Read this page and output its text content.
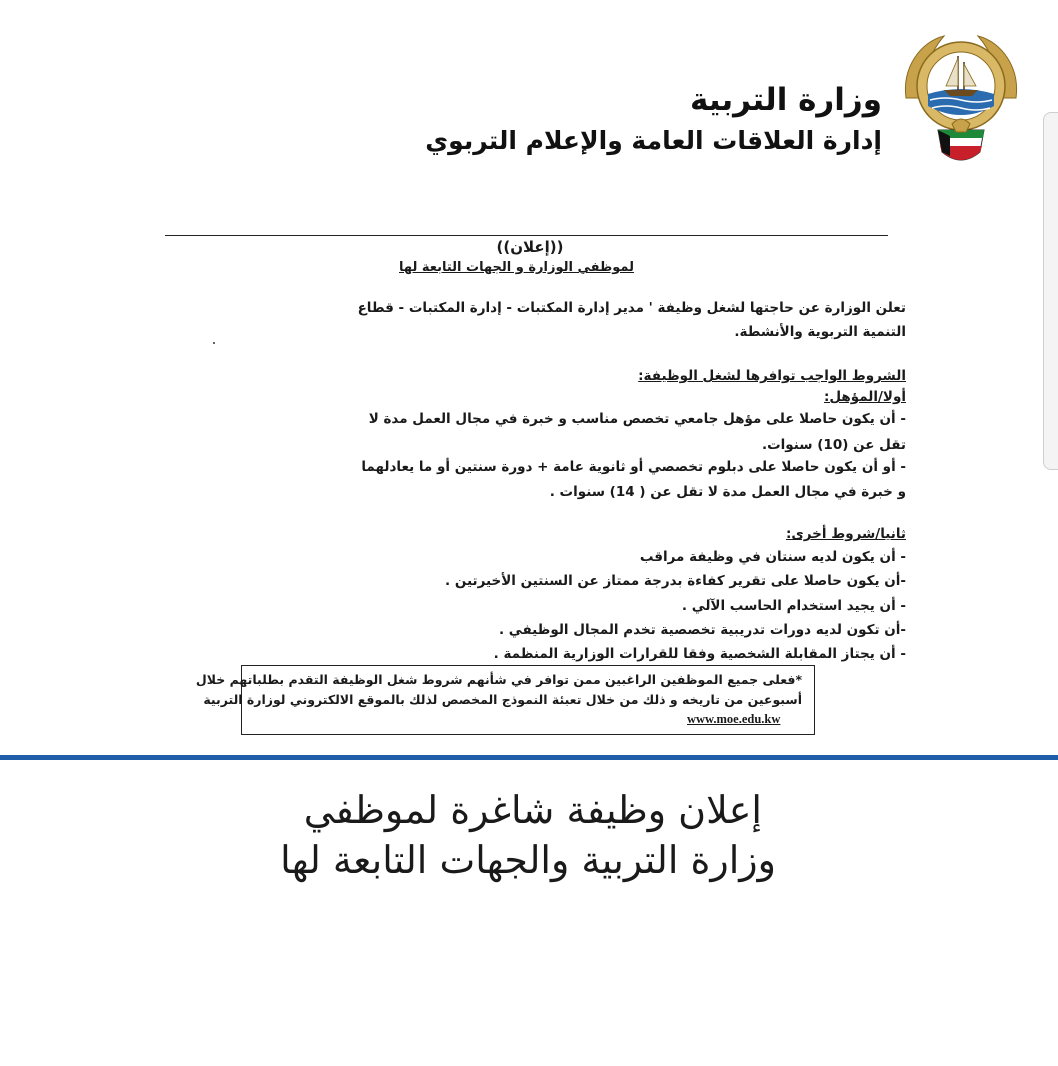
وزارة التربية
إدارة العلاقات العامة والإعلام التربوي
((إعلان))
لموظفي الوزارة و الجهات التابعة لها
تعلن الوزارة عن حاجتها لشغل وظيفة ' مدير إدارة المكتبات - إدارة المكتبات - قطاع
التنمية التربوية والأنشطة.
الشروط الواجب توافرها لشغل الوظيفة:
أولا/المؤهل:
- أن يكون حاصلا على مؤهل جامعي تخصص مناسب و خبرة في مجال العمل مدة لا
تقل عن (10) سنوات.
- أو أن يكون حاصلا على دبلوم تخصصي أو ثانوية عامة + دورة سنتين أو ما يعادلهما
و خبرة في مجال العمل مدة لا تقل عن ( 14) سنوات .
ثانيا/شروط أخرى:
- أن يكون لديه سنتان في وظيفة مراقب
-أن يكون حاصلا على تقرير كفاءة بدرجة ممتاز عن السنتين الأخيرتين .
- أن يجيد استخدام الحاسب الآلي .
-أن تكون لديه دورات تدريبية تخصصية تخدم المجال الوظيفي .
- أن يجتاز المقابلة الشخصية وفقا للقرارات الوزارية المنظمة .
*فعلى جميع الموظفين الراغبين ممن توافر في شأنهم شروط شغل الوظيفة التقدم بطلباتهم خلال
أسبوعين من تاريخه و ذلك من خلال تعبئة النموذج المخصص لذلك بالموقع الالكتروني لوزارة التربية
www.moe.edu.kw
إعلان وظيفة شاغرة لموظفي
وزارة التربية والجهات التابعة لها
